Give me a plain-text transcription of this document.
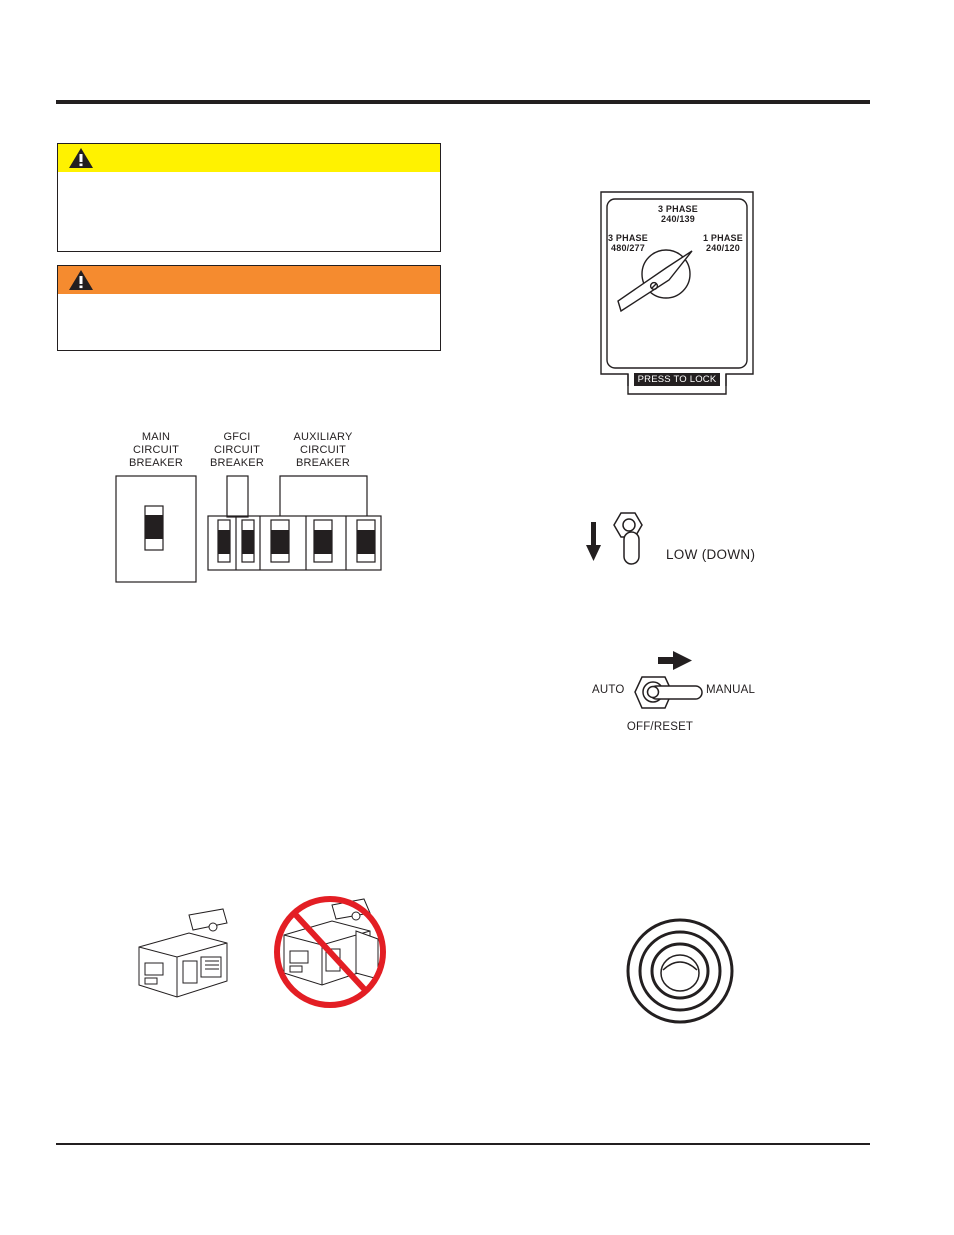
MAIN
CIRCUIT
BREAKER
GFCI
CIRCUIT
BREAKER
AUXILIARY
CIRCUIT
BREAKER
3 PHASE
240/139
3 PHASE
480/277
1 PHASE
240/120
PRESS TO LOCK
LOW (DOWN)
AUTO	MANUAL
OFF/RESET
